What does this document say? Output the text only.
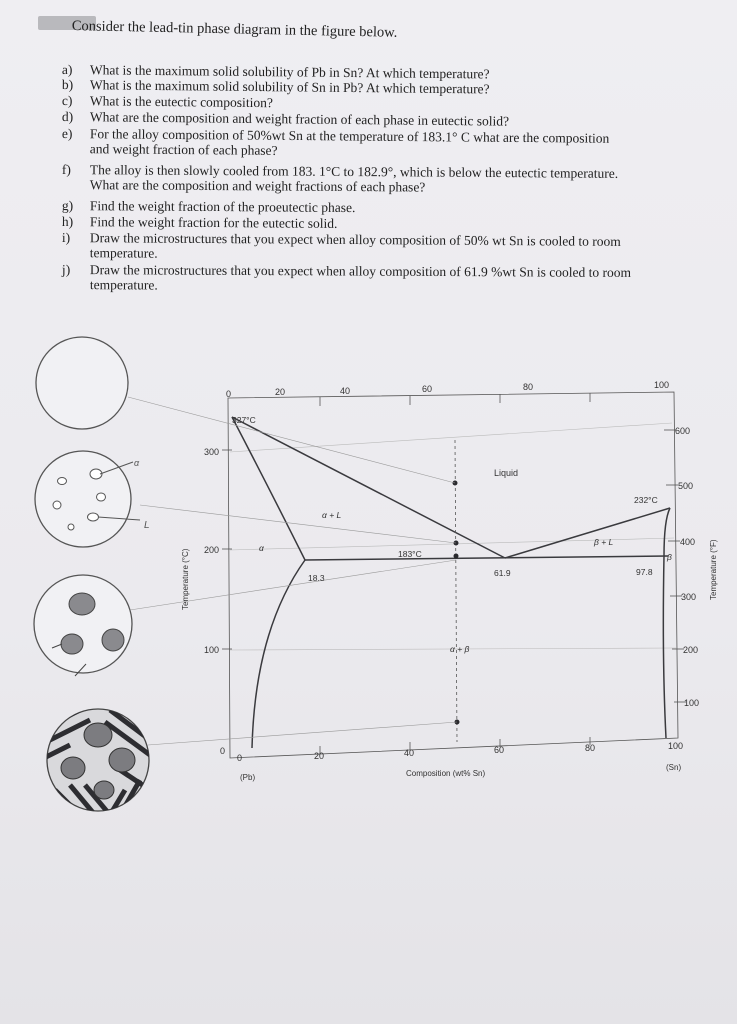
Consider the lead-tin phase diagram in the figure below.
a) What is the maximum solid solubility of Pb in Sn? At which temperature?
b) What is the maximum solid solubility of Sn in Pb? At which temperature?
c) What is the eutectic composition?
d) What are the composition and weight fraction of each phase in eutectic solid?
e) For the alloy composition of 50%wt Sn at the temperature of 183.1° C what are the composition
and weight fraction of each phase?
f) The alloy is then slowly cooled from 183. 1°C to 182.9°, which is below the eutectic temperature.
What are the composition and weight fractions of each phase?
g) Find the weight fraction of the proeutectic phase.
h) Find the weight fraction for the eutectic solid.
i) Draw the microstructures that you expect when alloy composition of 50% wt Sn is cooled to room
temperature.
j) Draw the microstructures that you expect when alloy composition of 61.9 %wt Sn is cooled to room
temperature.
α
L
0	20	40	60	80	100
0	20	40	60	80	100
300
200
100
0
600
500
400
300
200
100
Temperature (°C)	Temperature (°F)
Composition (wt% Sn)
(Pb)
(Sn)
327°C
232°C
183°C
Liquid
α + L
β + L
α + β
α
β
18.3	61.9	97.8
